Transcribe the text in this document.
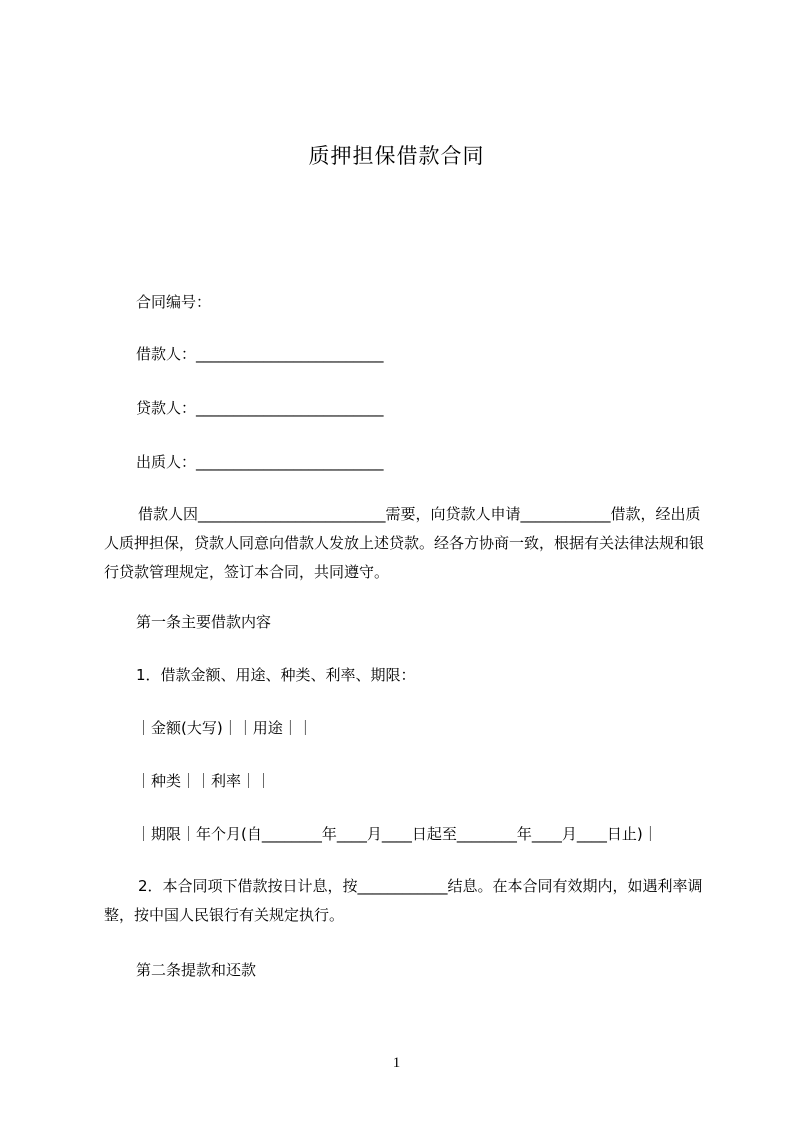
质押担保借款合同
合同编号：
借款人：_________________________
贷款人：_________________________
出质人：_________________________
借款人因_________________________需要，向贷款人申请____________借款，经出质人质押担保，贷款人同意向借款人发放上述贷款。经各方协商一致，根据有关法律法规和银行贷款管理规定，签订本合同，共同遵守。
第一条主要借款内容
1．借款金额、用途、种类、利率、期限：
｜金额(大写)｜｜用途｜｜
｜种类｜｜利率｜｜
｜期限｜年个月(自________年____月____日起至________年____月____日止)｜
2．本合同项下借款按日计息，按____________结息。在本合同有效期内，如遇利率调整，按中国人民银行有关规定执行。
第二条提款和还款
1
